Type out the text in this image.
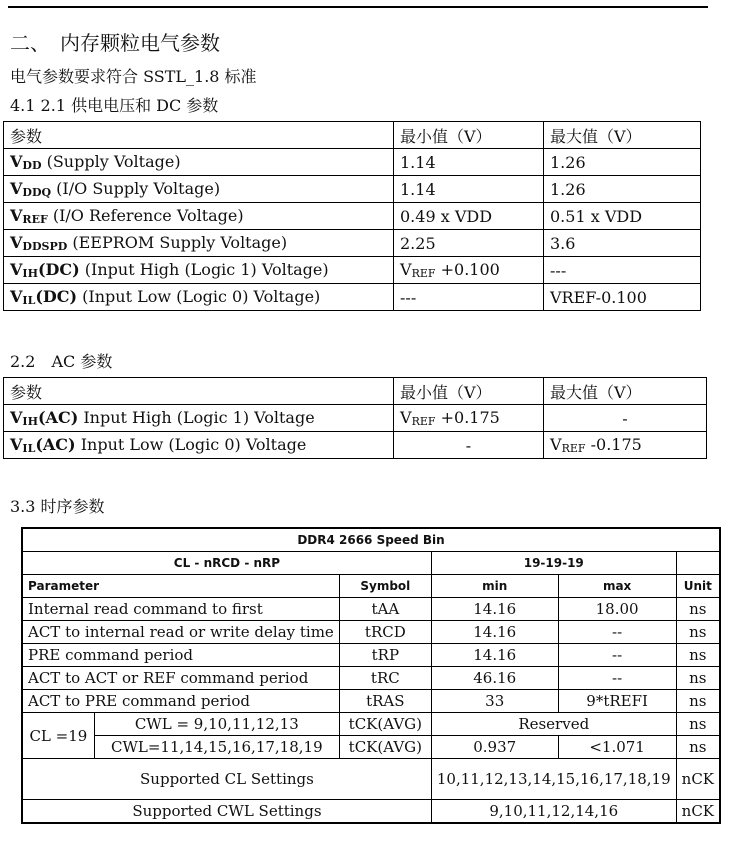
二、　内存颗粒电气参数
电气参数要求符合 SSTL_1.8 标准
4.1 2.1 供电电压和 DC 参数
参数	最小值（V）	最大值（V）
$V_{DD}$ (Supply Voltage)	1.14	1.26
$V_{DDQ}$ (I/O Supply Voltage)	1.14	1.26
$V_{REF}$ (I/O Reference Voltage)	0.49 x VDD	0.51 x VDD
$V_{DDSPD}$ (EEPROM Supply Voltage)	2.25	3.6
$V_{IH}(DC)$ (Input High (Logic 1) Voltage)	$V_{REF} +0.100$	---
$V_{IL}(DC)$ (Input Low (Logic 0) Voltage)	---	VREF-0.100
2.2　AC 参数
参数	最小值（V）	最大值（V）
$V_{IH}(AC)$ Input High (Logic 1) Voltage	$V_{REF} +0.175$	-
$V_{IL}(AC)$ Input Low (Logic 0) Voltage	-	$V_{REF}$ -0.175
3.3 时序参数
DDR4 2666 Speed Bin					
CL - nRCD - nRP			19-19-19		
Parameter		Symbol	min	max	Unit
Internal read command to first		tAA	14.16	18.00	ns
ACT to internal read or write delay time		tRCD	14.16	--	ns
PRE command period		tRP	14.16	--	ns
ACT to ACT or REF command period		tRC	46.16	--	ns
ACT to PRE command period		tRAS	33	9*tREFI	ns
CL =19	CWL = 9,10,11,12,13	tCK(AVG)	Reserved		ns
	CWL=11,14,15,16,17,18,19	tCK(AVG)	0.937	<1.071	ns
Supported CL Settings			10,11,12,13,14,15,16,17,18,19		nCK
Supported CWL Settings			9,10,11,12,14,16		nCK
